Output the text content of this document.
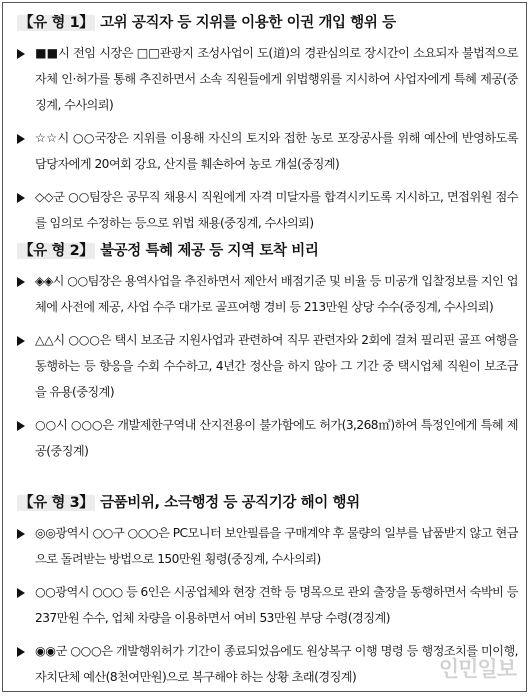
【유 형 1】 고위 공직자 등 지위를 이용한 이권 개입 행위 등
■■시 전임 시장은 □□관광지 조성사업이 도(道)의 경관심의로 장시간이 소요되자 불법적으로 자체 인·허가를 통해 추진하면서 소속 직원들에게 위법행위를 지시하여 사업자에게 특혜 제공(중징계, 수사의뢰)
☆☆시 ○○국장은 지위를 이용해 자신의 토지와 접한 농로 포장공사를 위해 예산에 반영하도록 담당자에게 20여회 강요, 산지를 훼손하여 농로 개설(중징계)
◇◇군 ○○팀장은 공무직 채용시 직원에게 자격 미달자를 합격시키도록 지시하고, 면접위원 점수를 임의로 수정하는 등으로 위법 채용(중징계, 수사의뢰)
【유 형 2】 불공정 특혜 제공 등 지역 토착 비리
◈◈시 ○○팀장은 용역사업을 추진하면서 제안서 배점기준 및 비율 등 미공개 입찰정보를 지인 업체에 사전에 제공, 사업 수주 대가로 골프여행 경비 등 213만원 상당 수수(중징계, 수사의뢰)
△△시 ○○○은 택시 보조금 지원사업과 관련하여 직무 관련자와 2회에 걸쳐 필리핀 골프 여행을 동행하는 등 향응을 수회 수수하고, 4년간 정산을 하지 않아 그 기간 중 택시업체 직원이 보조금을 유용(중징계)
○○시 ○○○은 개발제한구역내 산지전용이 불가함에도 허가(3,268㎡)하여 특정인에게 특혜 제공(중징계)
【유 형 3】 금품비위, 소극행정 등 공직기강 해이 행위
◎◎광역시 ○○구 ○○○은 PC모니터 보안필름을 구매계약 후 물량의 일부를 납품받지 않고 현금으로 돌려받는 방법으로 150만원 횡령(중징계, 수사의뢰)
○○광역시 ○○○ 등 6인은 시공업체와 현장 견학 등 명목으로 관외 출장을 동행하면서 숙박비 등 237만원 수수, 업체 차량을 이용하면서 여비 53만원 부당 수령(경징계)
◉◉군 ○○○은 개발행위허가 기간이 종료되었음에도 원상복구 이행 명령 등 행정조치를 미이행, 자치단체 예산(8천여만원)으로 복구해야 하는 상황 초래(경징계)	인민일보
